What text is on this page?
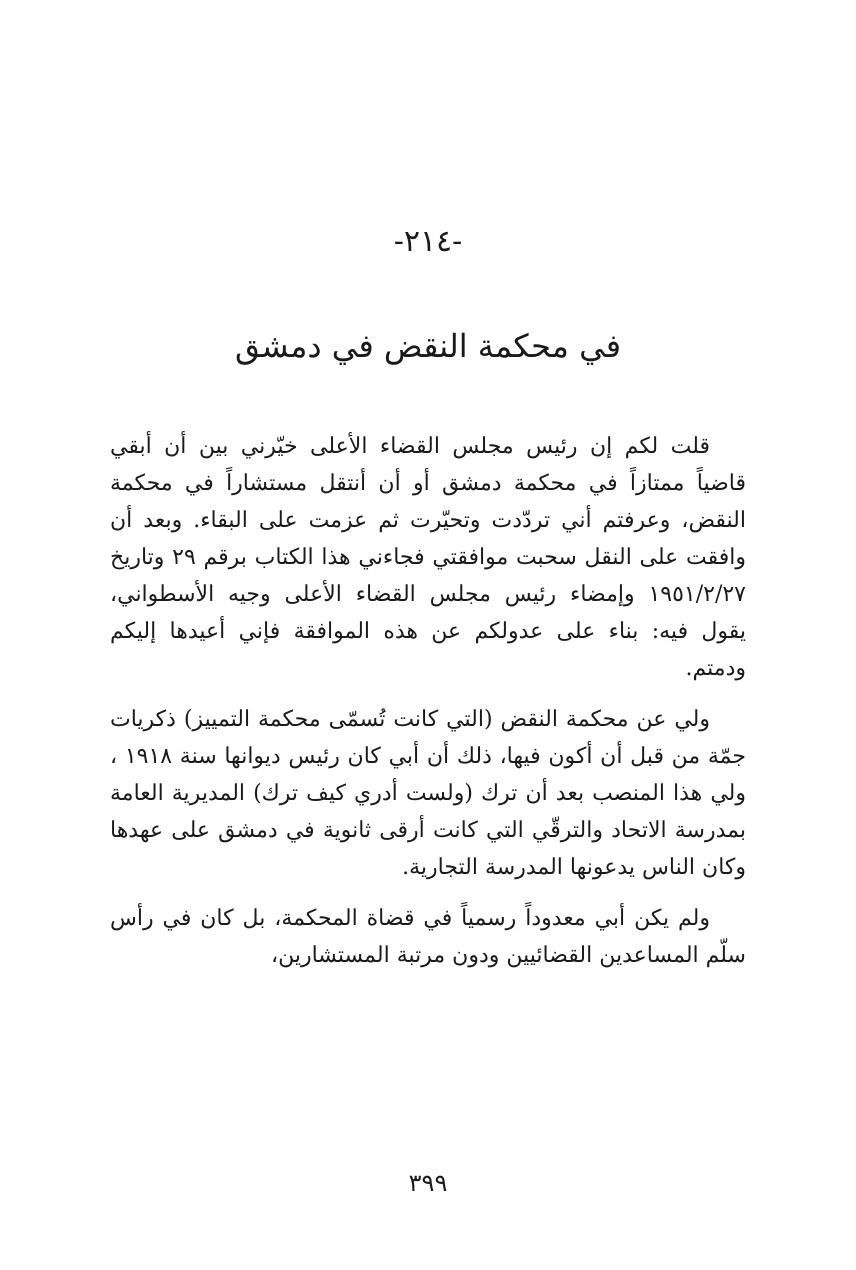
-٢١٤-
في محكمة النقض في دمشق

قلت لكم إن رئيس مجلس القضاء الأعلى خيّرني بين أن أبقي قاضياً ممتازاً في محكمة دمشق أو أن أنتقل مستشاراً في محكمة النقض، وعرفتم أني تردّدت وتحيّرت ثم عزمت على البقاء. وبعد أن وافقت على النقل سحبت موافقتي فجاءني هذا الكتاب برقم ٢٩ وتاريخ ١٩٥١/٢/٢٧ وإمضاء رئيس مجلس القضاء الأعلى وجيه الأسطواني، يقول فيه: بناء على عدولكم عن هذه الموافقة فإني أعيدها إليكم ودمتم.

ولي عن محكمة النقض (التي كانت تُسمّى محكمة التمييز) ذكريات جمّة من قبل أن أكون فيها، ذلك أن أبي كان رئيس ديوانها سنة ١٩١٨ ، ولي هذا المنصب بعد أن ترك (ولست أدري كيف ترك) المديرية العامة بمدرسة الاتحاد والترقّي التي كانت أرقى ثانوية في دمشق على عهدها وكان الناس يدعونها المدرسة التجارية.

ولم يكن أبي معدوداً رسمياً في قضاة المحكمة، بل كان في رأس سلّم المساعدين القضائيين ودون مرتبة المستشارين،

٣٩٩
